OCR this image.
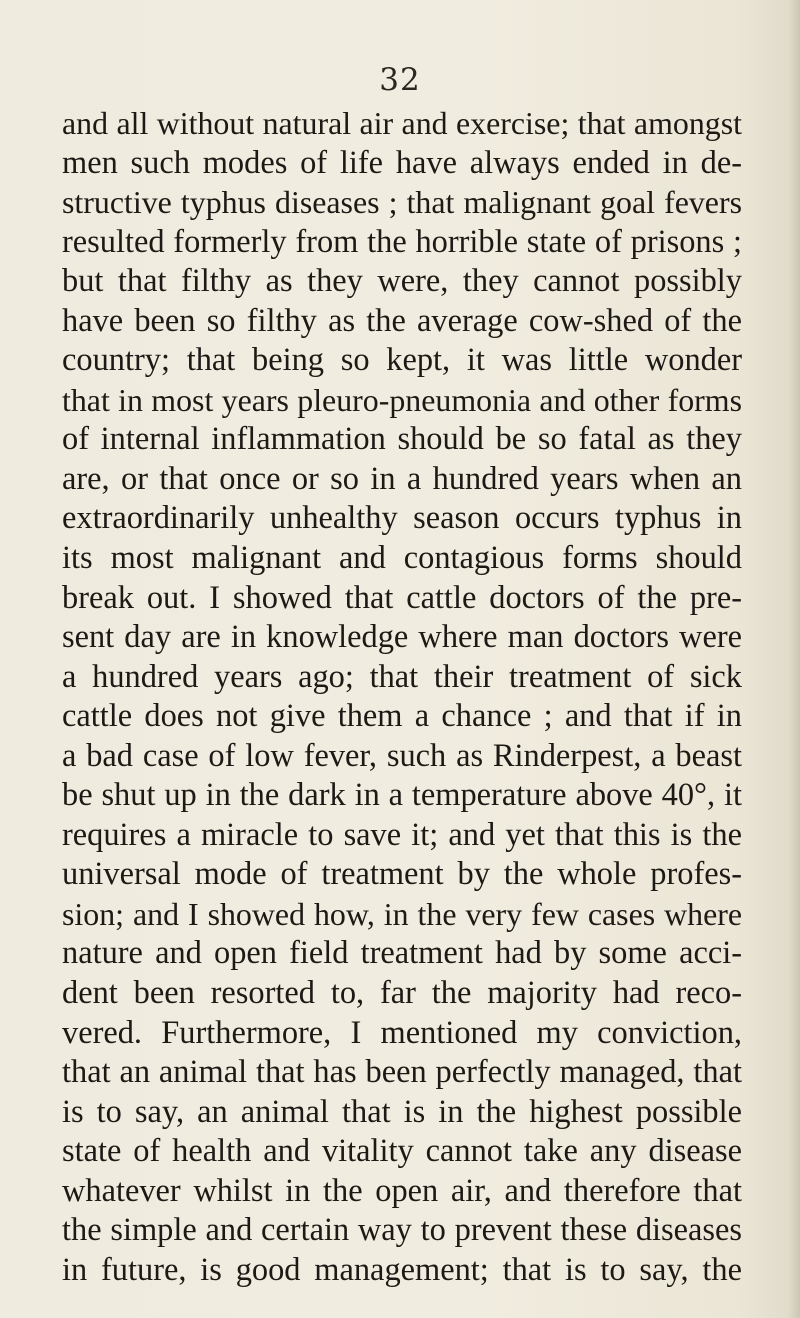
32
and all without natural air and exercise; that amongst
men such modes of life have always ended in de-
structive typhus diseases ; that malignant goal fevers
resulted formerly from the horrible state of prisons ;
but that filthy as they were, they cannot possibly
have been so filthy as the average cow-shed of the
country; that being so kept, it was little wonder
that in most years pleuro-pneumonia and other forms
of internal inflammation should be so fatal as they
are, or that once or so in a hundred years when an
extraordinarily unhealthy season occurs typhus in
its most malignant and contagious forms should
break out. I showed that cattle doctors of the pre-
sent day are in knowledge where man doctors were
a hundred years ago; that their treatment of sick
cattle does not give them a chance ; and that if in
a bad case of low fever, such as Rinderpest, a beast
be shut up in the dark in a temperature above 40°, it
requires a miracle to save it; and yet that this is the
universal mode of treatment by the whole profes-
sion; and I showed how, in the very few cases where
nature and open field treatment had by some acci-
dent been resorted to, far the majority had reco-
vered. Furthermore, I mentioned my conviction,
that an animal that has been perfectly managed, that
is to say, an animal that is in the highest possible
state of health and vitality cannot take any disease
whatever whilst in the open air, and therefore that
the simple and certain way to prevent these diseases
in future, is good management; that is to say, the
